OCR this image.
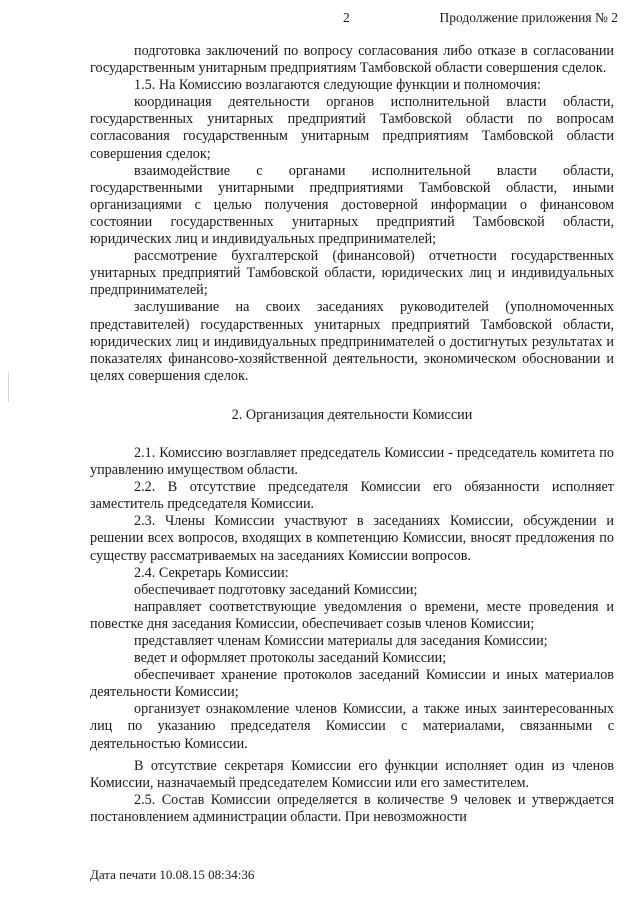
2	Продолжение приложения № 2

подготовка заключений по вопросу согласования либо отказе в согласовании государственным унитарным предприятиям Тамбовской области совершения сделок.

1.5. На Комиссию возлагаются следующие функции и полномочия:

координация деятельности органов исполнительной власти области, государственных унитарных предприятий Тамбовской области по вопросам согласования государственным унитарным предприятиям Тамбовской области совершения сделок;

взаимодействие с органами исполнительной власти области, государственными унитарными предприятиями Тамбовской области, иными организациями с целью получения достоверной информации о финансовом состоянии государственных унитарных предприятий Тамбовской области, юридических лиц и индивидуальных предпринимателей;

рассмотрение бухгалтерской (финансовой) отчетности государственных унитарных предприятий Тамбовской области, юридических лиц и индивидуальных предпринимателей;

заслушивание на своих заседаниях руководителей (уполномоченных представителей) государственных унитарных предприятий Тамбовской области, юридических лиц и индивидуальных предпринимателей о достигнутых результатах и показателях финансово-хозяйственной деятельности, экономическом обосновании и целях совершения сделок.

2. Организация деятельности Комиссии

2.1. Комиссию возглавляет председатель Комиссии - председатель комитета по управлению имуществом области.

2.2. В отсутствие председателя Комиссии его обязанности исполняет заместитель председателя Комиссии.

2.3. Члены Комиссии участвуют в заседаниях Комиссии, обсуждении и решении всех вопросов, входящих в компетенцию Комиссии, вносят предложения по существу рассматриваемых на заседаниях Комиссии вопросов.

2.4. Секретарь Комиссии:

обеспечивает подготовку заседаний Комиссии;

направляет соответствующие уведомления о времени, месте проведения и повестке дня заседания Комиссии, обеспечивает созыв членов Комиссии;

представляет членам Комиссии материалы для заседания Комиссии;

ведет и оформляет протоколы заседаний Комиссии;

обеспечивает хранение протоколов заседаний Комиссии и иных материалов деятельности Комиссии;

организует ознакомление членов Комиссии, а также иных заинтересованных лиц по указанию председателя Комиссии с материалами, связанными с деятельностью Комиссии.

В отсутствие секретаря Комиссии его функции исполняет один из членов Комиссии, назначаемый председателем Комиссии или его заместителем.

2.5. Состав Комиссии определяется в количестве 9 человек и утверждается постановлением администрации области. При невозможности

Дата печати 10.08.15 08:34:36
